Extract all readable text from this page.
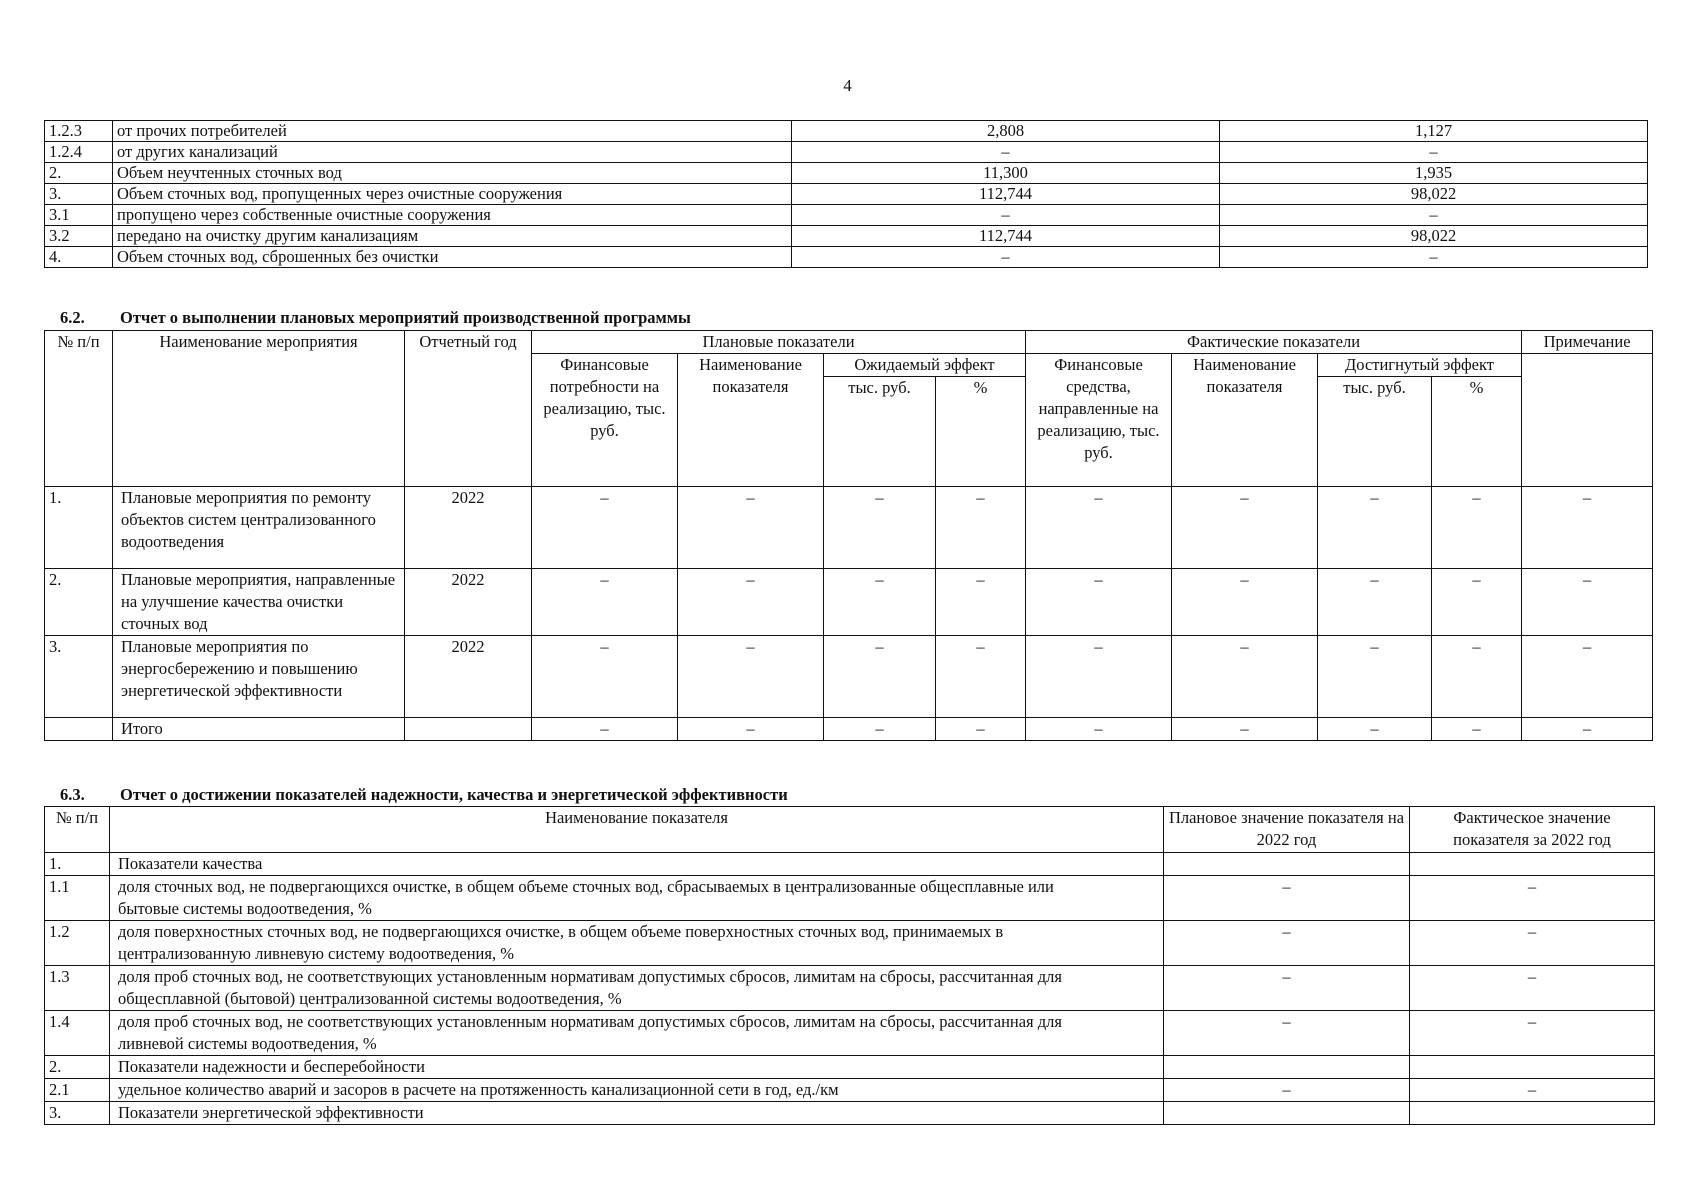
4
1.2.3	от прочих потребителей	2,808	1,127
1.2.4	от других канализаций	–	–
2.	Объем неучтенных сточных вод	11,300	1,935
3.	Объем сточных вод, пропущенных через очистные сооружения	112,744	98,022
3.1	пропущено через собственные очистные сооружения	–	–
3.2	передано на очистку другим канализациям	112,744	98,022
4.	Объем сточных вод, сброшенных без очистки	–	–
6.2. Отчет о выполнении плановых мероприятий производственной программы
№ п/п	Наименование мероприятия	Отчетный год	Плановые показатели				Фактические показатели				Примечание
			Финансовые потребности на реализацию, тыс. руб.	Наименование показателя	Ожидаемый эффект		Финансовые средства, направленные на реализацию, тыс. руб.	Наименование показателя	Достигнутый эффект		
					тыс. руб.	%			тыс. руб.	%	
1.	Плановые мероприятия по ремонту объектов систем централизованного водоотведения	2022	–	–	–	–	–	–	–	–	–
2.	Плановые мероприятия, направленные на улучшение качества очистки сточных вод	2022	–	–	–	–	–	–	–	–	–
3.	Плановые мероприятия по энергосбережению и повышению энергетической эффективности	2022	–	–	–	–	–	–	–	–	–
	Итого		–	–	–	–	–	–	–	–	–
6.3. Отчет о достижении показателей надежности, качества и энергетической эффективности
№ п/п	Наименование показателя	Плановое значение показателя на 2022 год	Фактическое значение показателя за 2022 год
1.	Показатели качества		
1.1	доля сточных вод, не подвергающихся очистке, в общем объеме сточных вод, сбрасываемых в централизованные общесплавные или бытовые системы водоотведения, %	–	–
1.2	доля поверхностных сточных вод, не подвергающихся очистке, в общем объеме поверхностных сточных вод, принимаемых в централизованную ливневую систему водоотведения, %	–	–
1.3	доля проб сточных вод, не соответствующих установленным нормативам допустимых сбросов, лимитам на сбросы, рассчитанная для общесплавной (бытовой) централизованной системы водоотведения, %	–	–
1.4	доля проб сточных вод, не соответствующих установленным нормативам допустимых сбросов, лимитам на сбросы, рассчитанная для ливневой системы водоотведения, %	–	–
2.	Показатели надежности и бесперебойности		
2.1	удельное количество аварий и засоров в расчете на протяженность канализационной сети в год, ед./км	–	–
3.	Показатели энергетической эффективности		
